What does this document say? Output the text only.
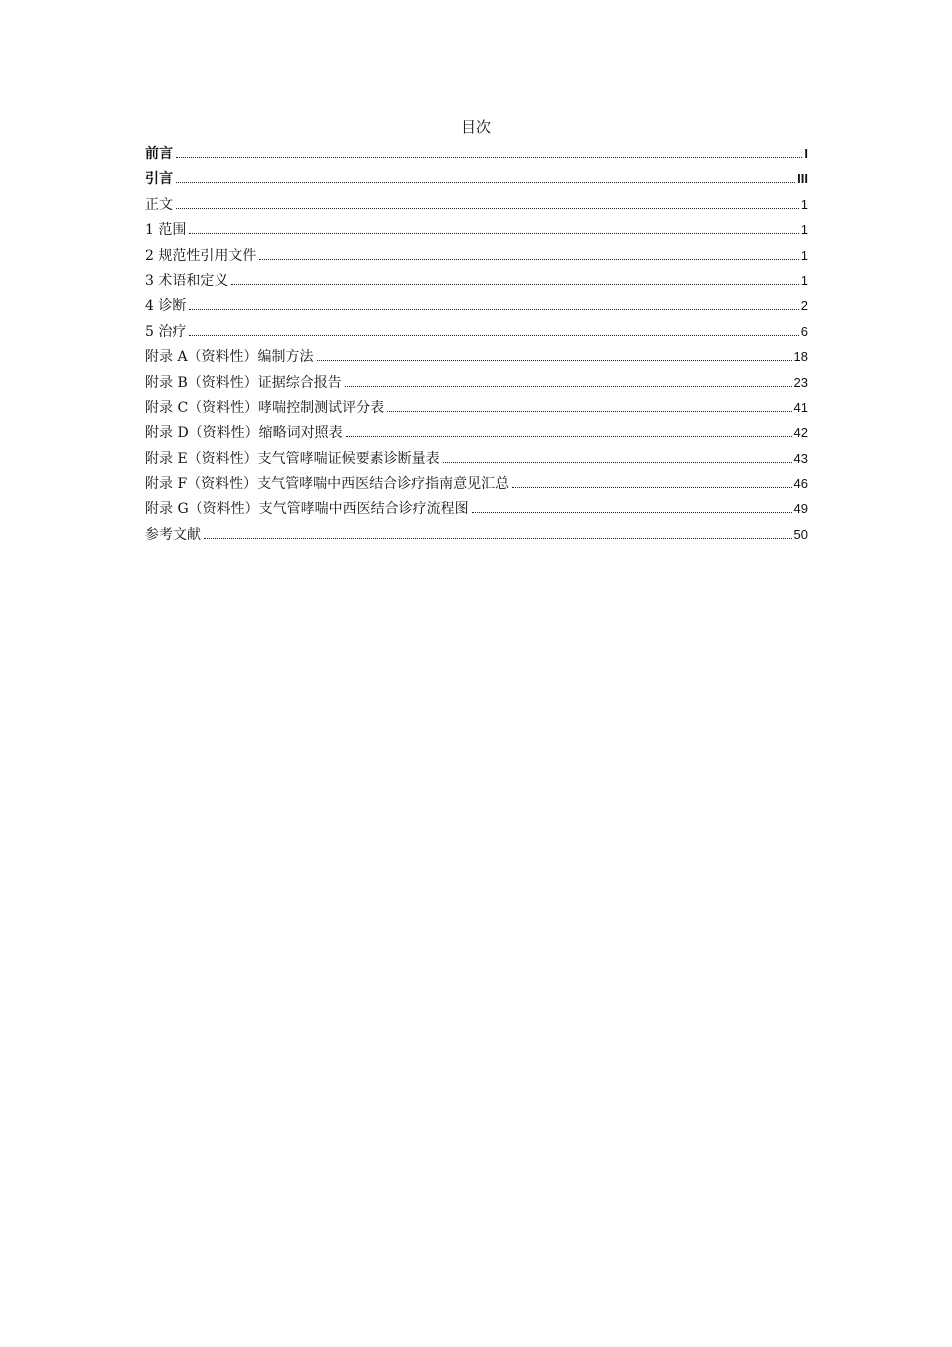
目次
前言	I
引言	III
正文	1
1 范围	1
2 规范性引用文件	1
3 术语和定义	1
4 诊断	2
5 治疗	6
附录 A（资料性）编制方法	18
附录 B（资料性）证据综合报告	23
附录 C（资料性）哮喘控制测试评分表	41
附录 D（资料性）缩略词对照表	42
附录 E（资料性）支气管哮喘证候要素诊断量表	43
附录 F（资料性）支气管哮喘中西医结合诊疗指南意见汇总	46
附录 G（资料性）支气管哮喘中西医结合诊疗流程图	49
参考文献	50
